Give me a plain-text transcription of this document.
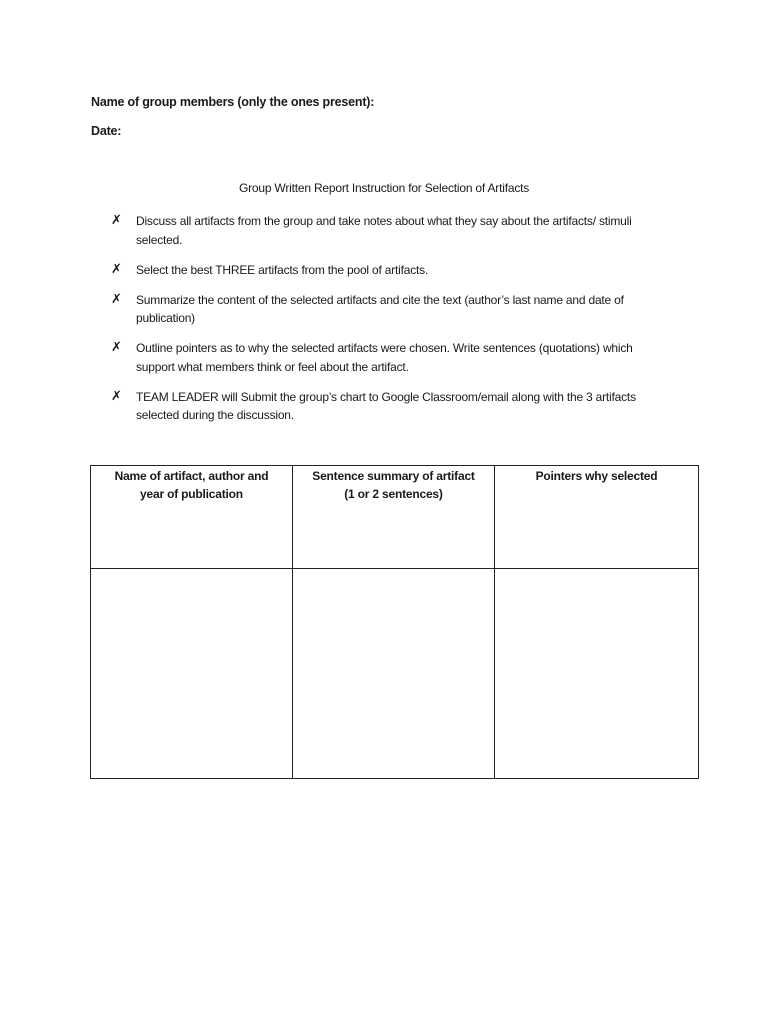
Name of group members (only the ones present):
Date:
Group Written Report Instruction for Selection of Artifacts
✗ Discuss all artifacts from the group and take notes about what they say about the artifacts/ stimuli selected.
✗ Select the best THREE artifacts from the pool of artifacts.
✗ Summarize the content of the selected artifacts and cite the text (author’s last name and date of publication)
✗ Outline pointers as to why the selected artifacts were chosen. Write sentences (quotations) which support what members think or feel about the artifact.
✗ TEAM LEADER will Submit the group’s chart to Google Classroom/email along with the 3 artifacts selected during the discussion.
Name of artifact, author and year of publication	Sentence summary of artifact (1 or 2 sentences)	Pointers why selected
